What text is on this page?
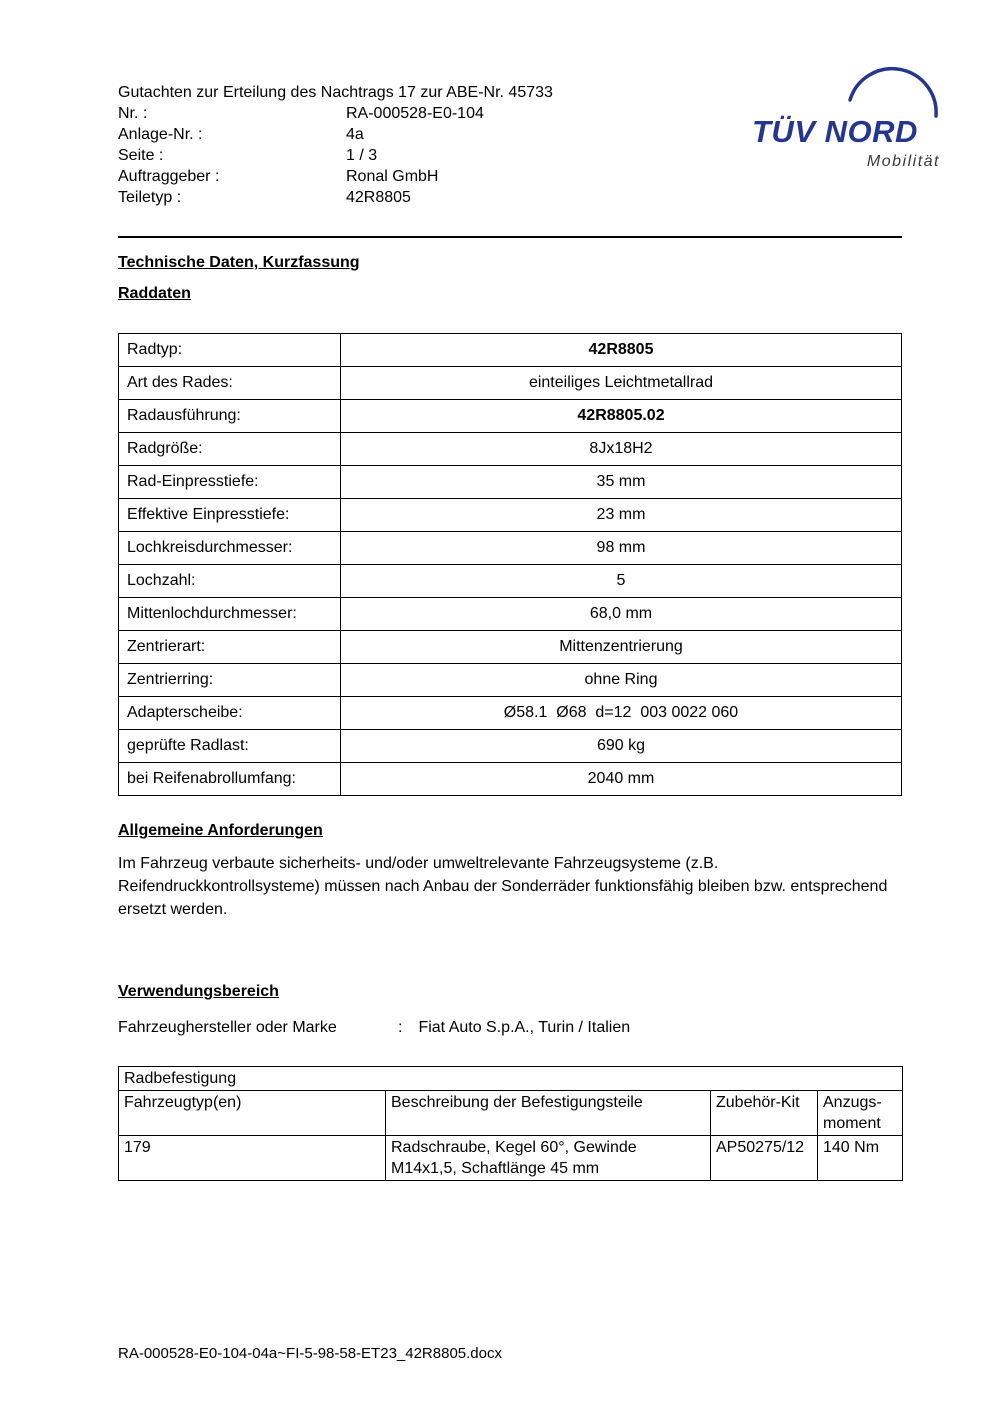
TÜV NORD
Mobilität
Gutachten zur Erteilung des Nachtrags 17 zur ABE-Nr. 45733
Nr. :	RA-000528-E0-104
Anlage-Nr. :	4a
Seite :	1 / 3
Auftraggeber :	Ronal GmbH
Teiletyp :	42R8805
Technische Daten, Kurzfassung
Raddaten
Radtyp:	42R8805
Art des Rades:	einteiliges Leichtmetallrad
Radausführung:	42R8805.02
Radgröße:	8Jx18H2
Rad-Einpresstiefe:	35 mm
Effektive Einpresstiefe:	23 mm
Lochkreisdurchmesser:	98 mm
Lochzahl:	5
Mittenlochdurchmesser:	68,0 mm
Zentrierart:	Mittenzentrierung
Zentrierring:	ohne Ring
Adapterscheibe:	Ø58.1  Ø68  d=12  003 0022 060
geprüfte Radlast:	690 kg
bei Reifenabrollumfang:	2040 mm
Allgemeine Anforderungen

Im Fahrzeug verbaute sicherheits- und/oder umweltrelevante Fahrzeugsysteme (z.B. Reifendruckkontrollsysteme) müssen nach Anbau der Sonderräder funktionsfähig bleiben bzw. entsprechend ersetzt werden.

Verwendungsbereich
Fahrzeughersteller oder Marke	: Fiat Auto S.p.A., Turin / Italien
Radbefestigung			
Fahrzeugtyp(en)	Beschreibung der Befestigungsteile	Zubehör-Kit	Anzugs-moment
179	Radschraube, Kegel 60°, Gewinde M14x1,5, Schaftlänge 45 mm	AP50275/12	140 Nm
RA-000528-E0-104-04a~FI-5-98-58-ET23_42R8805.docx
